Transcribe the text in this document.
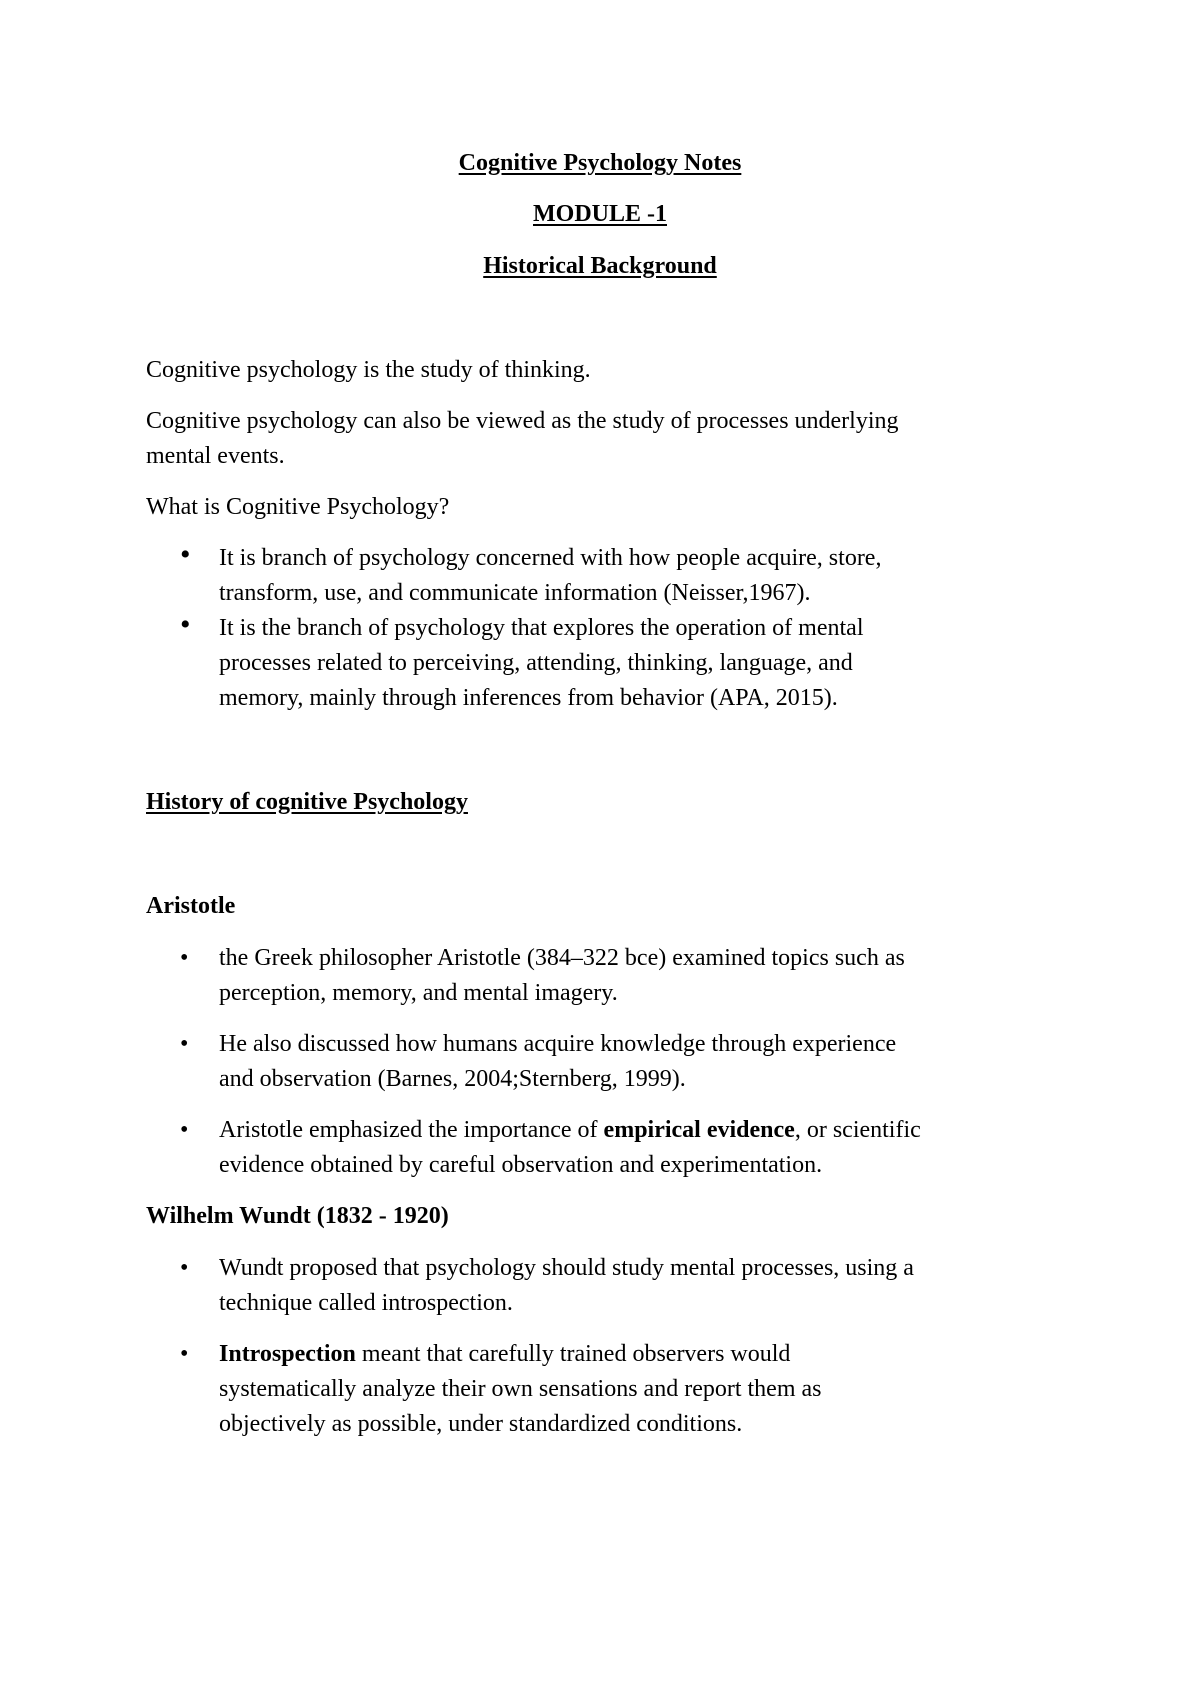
Cognitive Psychology Notes
MODULE -1
Historical Background
Cognitive psychology is the study of thinking.
Cognitive psychology can also be viewed as the study of processes underlying
mental events.
What is Cognitive Psychology?
• It is branch of psychology concerned with how people acquire, store,
transform, use, and communicate information (Neisser,1967).
• It is the branch of psychology that explores the operation of mental
processes related to perceiving, attending, thinking, language, and
memory, mainly through inferences from behavior (APA, 2015).
History of cognitive Psychology
Aristotle
• the Greek philosopher Aristotle (384–322 bce) examined topics such as
perception, memory, and mental imagery.
• He also discussed how humans acquire knowledge through experience
and observation (Barnes, 2004;Sternberg, 1999).
• Aristotle emphasized the importance of empirical evidence, or scientific
evidence obtained by careful observation and experimentation.
Wilhelm Wundt (1832 - 1920)
• Wundt proposed that psychology should study mental processes, using a
technique called introspection.
• Introspection meant that carefully trained observers would
systematically analyze their own sensations and report them as
objectively as possible, under standardized conditions.
